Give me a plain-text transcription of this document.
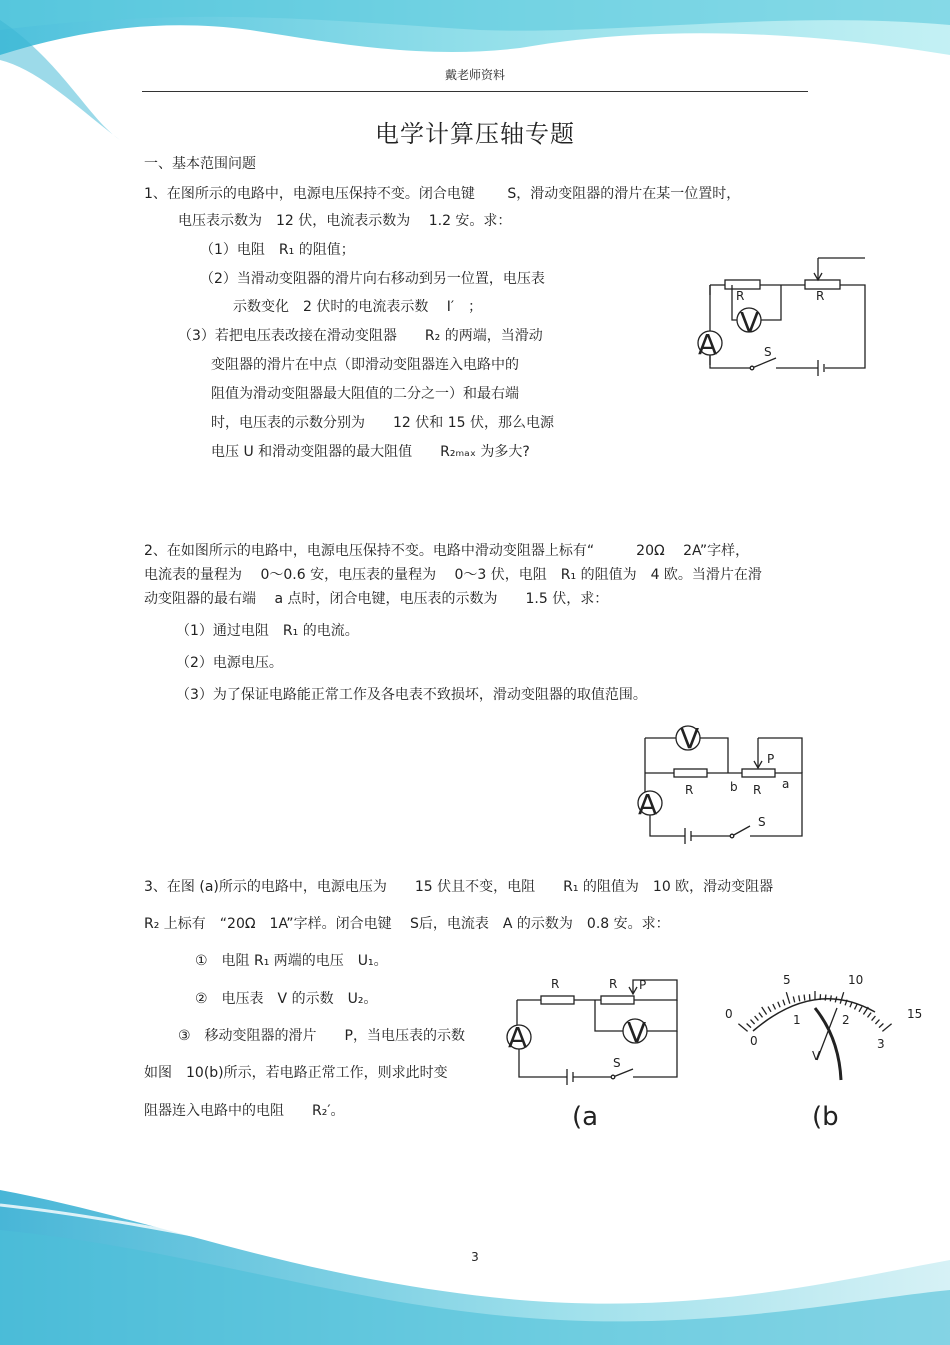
戴老师资料
电学计算压轴专题
一、基本范围问题
1、在图所示的电路中，电源电压保持不变。闭合电键　　 S，滑动变阻器的滑片在某一位置时，
电压表示数为　12 伏，电流表示数为　 1.2 安。求：
（1）电阻　R₁ 的阻值；
（2）当滑动变阻器的滑片向右移动到另一位置，电压表
示数变化　2 伏时的电流表示数　 I′　；
（3）若把电压表改接在滑动变阻器　　R₂ 的两端，当滑动
变阻器的滑片在中点（即滑动变阻器连入电路中的
阻值为滑动变阻器最大阻值的二分之一）和最右端
时，电压表的示数分别为　　12 伏和 15 伏，那么电源
电压 U 和滑动变阻器的最大阻值　　R₂ₘₐₓ 为多大?
R	R
V
A	S
2、在如图所示的电路中，电源电压保持不变。电路中滑动变阻器上标有“　　　20Ω　 2A”字样，
电流表的量程为　 0～0.6 安，电压表的量程为　 0～3 伏，电阻　R₁ 的阻值为　4 欧。当滑片在滑
动变阻器的最右端　 a 点时，闭合电键，电压表的示数为　　1.5 伏，求：
（1）通过电阻　R₁ 的电流。
（2）电源电压。
（3）为了保证电路能正常工作及各电表不致损坏，滑动变阻器的取值范围。
V
A
P
R	b R a
S
3、在图 (a)所示的电路中，电源电压为　　15 伏且不变，电阻　　R₁ 的阻值为　10 欧，滑动变阻器
R₂ 上标有　“20Ω　1A”字样。闭合电键　 S后，电流表　A 的示数为　0.8 安。求：
①　电阻 R₁ 两端的电压　U₁。
②　电压表　V 的示数　U₂。
③　移动变阻器的滑片　　P，当电压表的示数
如图　10(b)所示，若电路正常工作，则求此时变
阻器连入电路中的电阻　　R₂′。
R	R P
V
A
S
(a
0
5	10
15
0
1	2
3
V
(b
3
